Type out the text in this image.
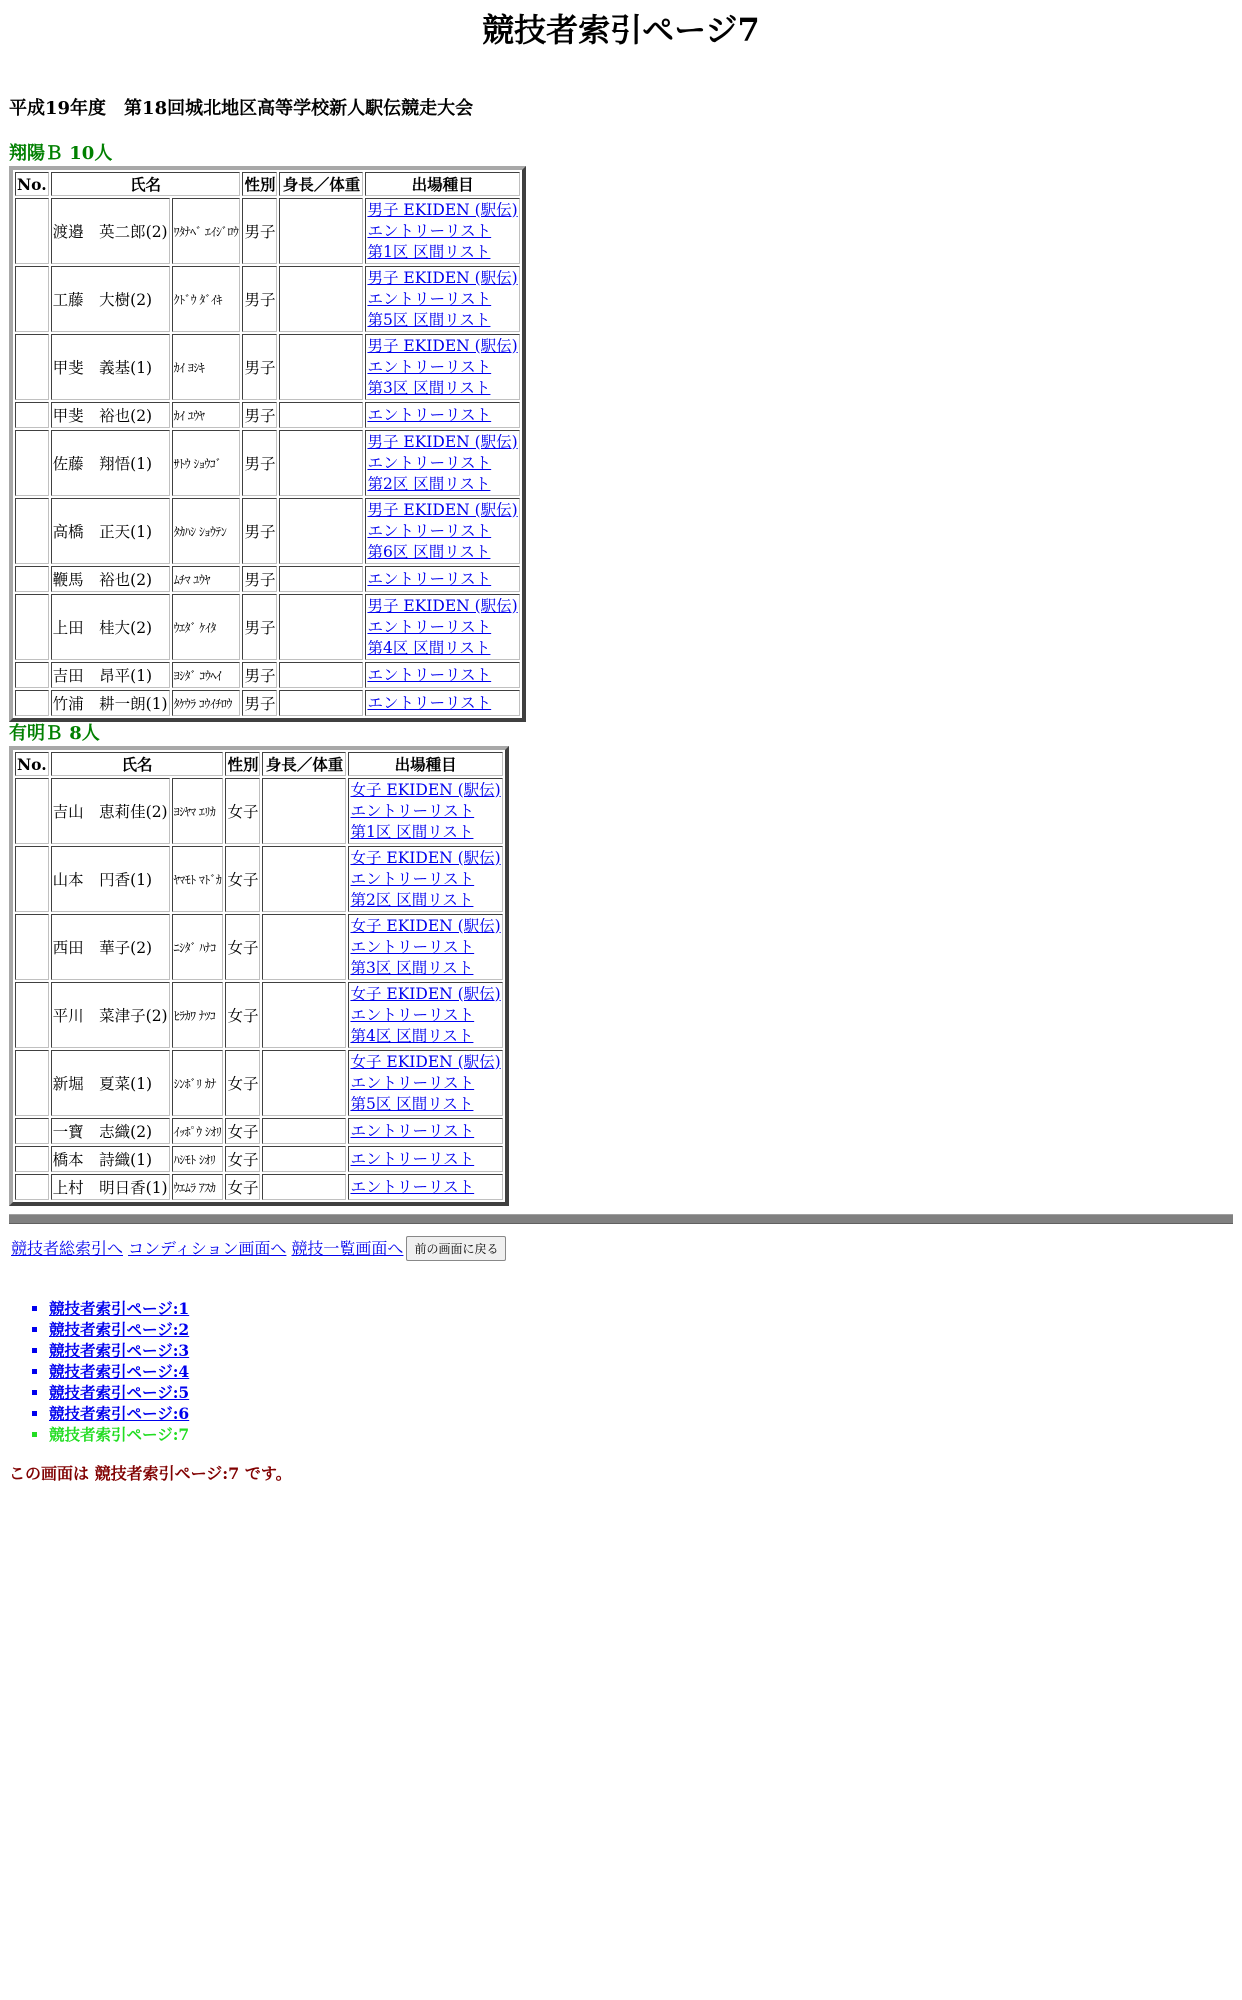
競技者索引ページ7
平成19年度　第18回城北地区高等学校新人駅伝競走大会
翔陽Ｂ 10人
No.	氏名		性別	身長／体重	出場種目
	渡邉　英二郎(2)	ﾜﾀﾅﾍﾞ ｴｲｼﾞﾛｳ	男子		男子 EKIDEN (駅伝)
エントリーリスト
第1区 区間リスト

	工藤　大樹(2)	ｸﾄﾞｳ ﾀﾞｲｷ	男子		男子 EKIDEN (駅伝)
エントリーリスト
第5区 区間リスト

	甲斐　義基(1)	ｶｲ ﾖｼｷ	男子		男子 EKIDEN (駅伝)
エントリーリスト
第3区 区間リスト

	甲斐　裕也(2)	ｶｲ ﾕｳﾔ	男子		エントリーリスト

	佐藤　翔悟(1)	ｻﾄｳ ｼｮｳｺﾞ	男子		男子 EKIDEN (駅伝)
エントリーリスト
第2区 区間リスト

	高橋　正天(1)	ﾀｶﾊｼ ｼｮｳﾃﾝ	男子		男子 EKIDEN (駅伝)
エントリーリスト
第6区 区間リスト

	鞭馬　裕也(2)	ﾑﾁﾏ ﾕｳﾔ	男子		エントリーリスト

	上田　桂大(2)	ｳｴﾀﾞ ｹｲﾀ	男子		男子 EKIDEN (駅伝)
エントリーリスト
第4区 区間リスト

	吉田　昂平(1)	ﾖｼﾀﾞ ｺｳﾍｲ	男子		エントリーリスト

	竹浦　耕一朗(1)	ﾀｹｳﾗ ｺｳｲﾁﾛｳ	男子		エントリーリスト
有明Ｂ 8人
No.	氏名		性別	身長／体重	出場種目
	吉山　恵莉佳(2)	ﾖｼﾔﾏ ｴﾘｶ	女子		女子 EKIDEN (駅伝)
エントリーリスト
第1区 区間リスト

	山本　円香(1)	ﾔﾏﾓﾄ ﾏﾄﾞｶ	女子		女子 EKIDEN (駅伝)
エントリーリスト
第2区 区間リスト

	西田　華子(2)	ﾆｼﾀﾞ ﾊﾅｺ	女子		女子 EKIDEN (駅伝)
エントリーリスト
第3区 区間リスト

	平川　菜津子(2)	ﾋﾗｶﾜ ﾅﾂｺ	女子		女子 EKIDEN (駅伝)
エントリーリスト
第4区 区間リスト

	新堀　夏菜(1)	ｼﾝﾎﾞﾘ ｶﾅ	女子		女子 EKIDEN (駅伝)
エントリーリスト
第5区 区間リスト

	一寶　志織(2)	ｲｯﾎﾟｳ ｼｵﾘ	女子		エントリーリスト

	橋本　詩織(1)	ﾊｼﾓﾄ ｼｵﾘ	女子		エントリーリスト

	上村　明日香(1)	ｳｴﾑﾗ ｱｽｶ	女子		エントリーリスト
競技者総索引へ コンディション画面へ 競技一覧画面へ 前の画面に戻る
▪ 競技者索引ページ:1
▪ 競技者索引ページ:2
▪ 競技者索引ページ:3
▪ 競技者索引ページ:4
▪ 競技者索引ページ:5
▪ 競技者索引ページ:6
▪ 競技者索引ページ:7
この画面は 競技者索引ページ:7 です。
